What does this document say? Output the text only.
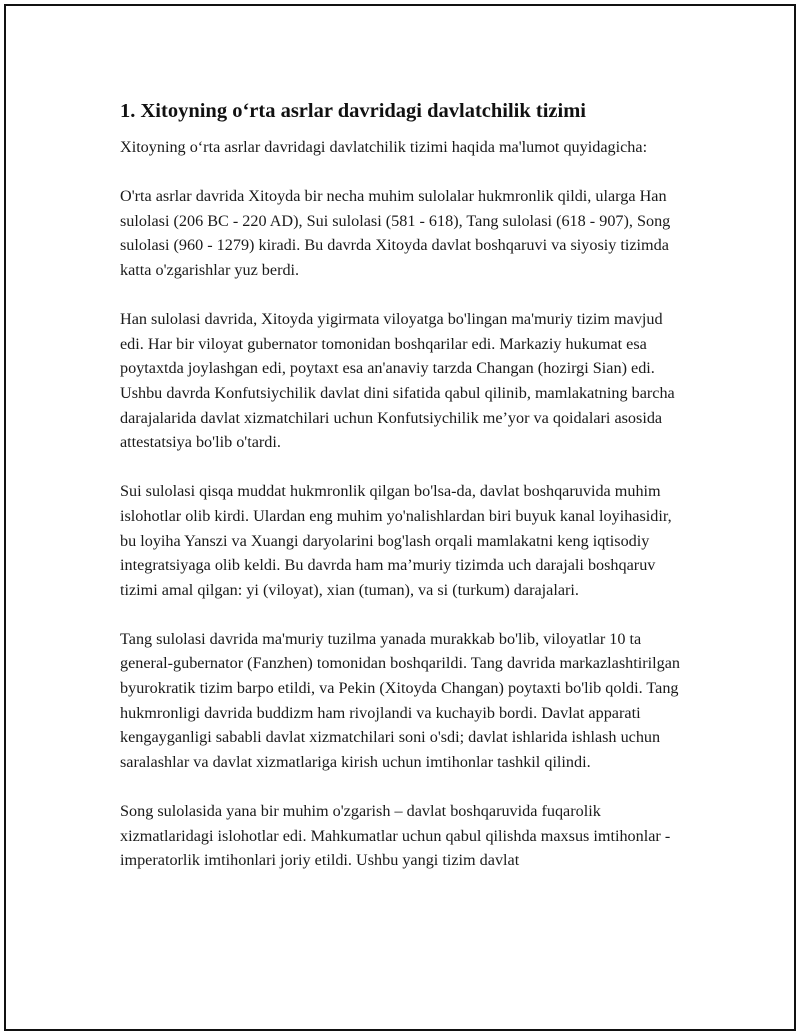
1. Xitoyning o‘rta asrlar davridagi davlatchilik tizimi

Xitoyning o‘rta asrlar davridagi davlatchilik tizimi haqida ma'lumot quyidagicha:

O'rta asrlar davrida Xitoyda bir necha muhim sulolalar hukmronlik qildi, ularga Han sulolasi (206 BC - 220 AD), Sui sulolasi (581 - 618), Tang sulolasi (618 - 907), Song sulolasi (960 - 1279) kiradi. Bu davrda Xitoyda davlat boshqaruvi va siyosiy tizimda katta o'zgarishlar yuz berdi.

Han sulolasi davrida, Xitoyda yigirmata viloyatga bo'lingan ma'muriy tizim mavjud edi. Har bir viloyat gubernator tomonidan boshqarilar edi. Markaziy hukumat esa poytaxtda joylashgan edi, poytaxt esa an'anaviy tarzda Changan (hozirgi Sian) edi. Ushbu davrda Konfutsiychilik davlat dini sifatida qabul qilinib, mamlakatning barcha darajalarida davlat xizmatchilari uchun Konfutsiychilik me’yor va qoidalari asosida attestatsiya bo'lib o'tardi.

Sui sulolasi qisqa muddat hukmronlik qilgan bo'lsa-da, davlat boshqaruvida muhim islohotlar olib kirdi. Ulardan eng muhim yo'nalishlardan biri buyuk kanal loyihasidir, bu loyiha Yanszi va Xuangi daryolarini bog'lash orqali mamlakatni keng iqtisodiy integratsiyaga olib keldi. Bu davrda ham ma’muriy tizimda uch darajali boshqaruv tizimi amal qilgan: yi (viloyat), xian (tuman), va si (turkum) darajalari.

Tang sulolasi davrida ma'muriy tuzilma yanada murakkab bo'lib, viloyatlar 10 ta general-gubernator (Fanzhen) tomonidan boshqarildi. Tang davrida markazlashtirilgan byurokratik tizim barpo etildi, va Pekin (Xitoyda Changan) poytaxti bo'lib qoldi. Tang hukmronligi davrida buddizm ham rivojlandi va kuchayib bordi. Davlat apparati kengayganligi sababli davlat xizmatchilari soni o'sdi; davlat ishlarida ishlash uchun saralashlar va davlat xizmatlariga kirish uchun imtihonlar tashkil qilindi.

Song sulolasida yana bir muhim o'zgarish – davlat boshqaruvida fuqarolik xizmatlaridagi islohotlar edi. Mahkumatlar uchun qabul qilishda maxsus imtihonlar - imperatorlik imtihonlari joriy etildi. Ushbu yangi tizim davlat
